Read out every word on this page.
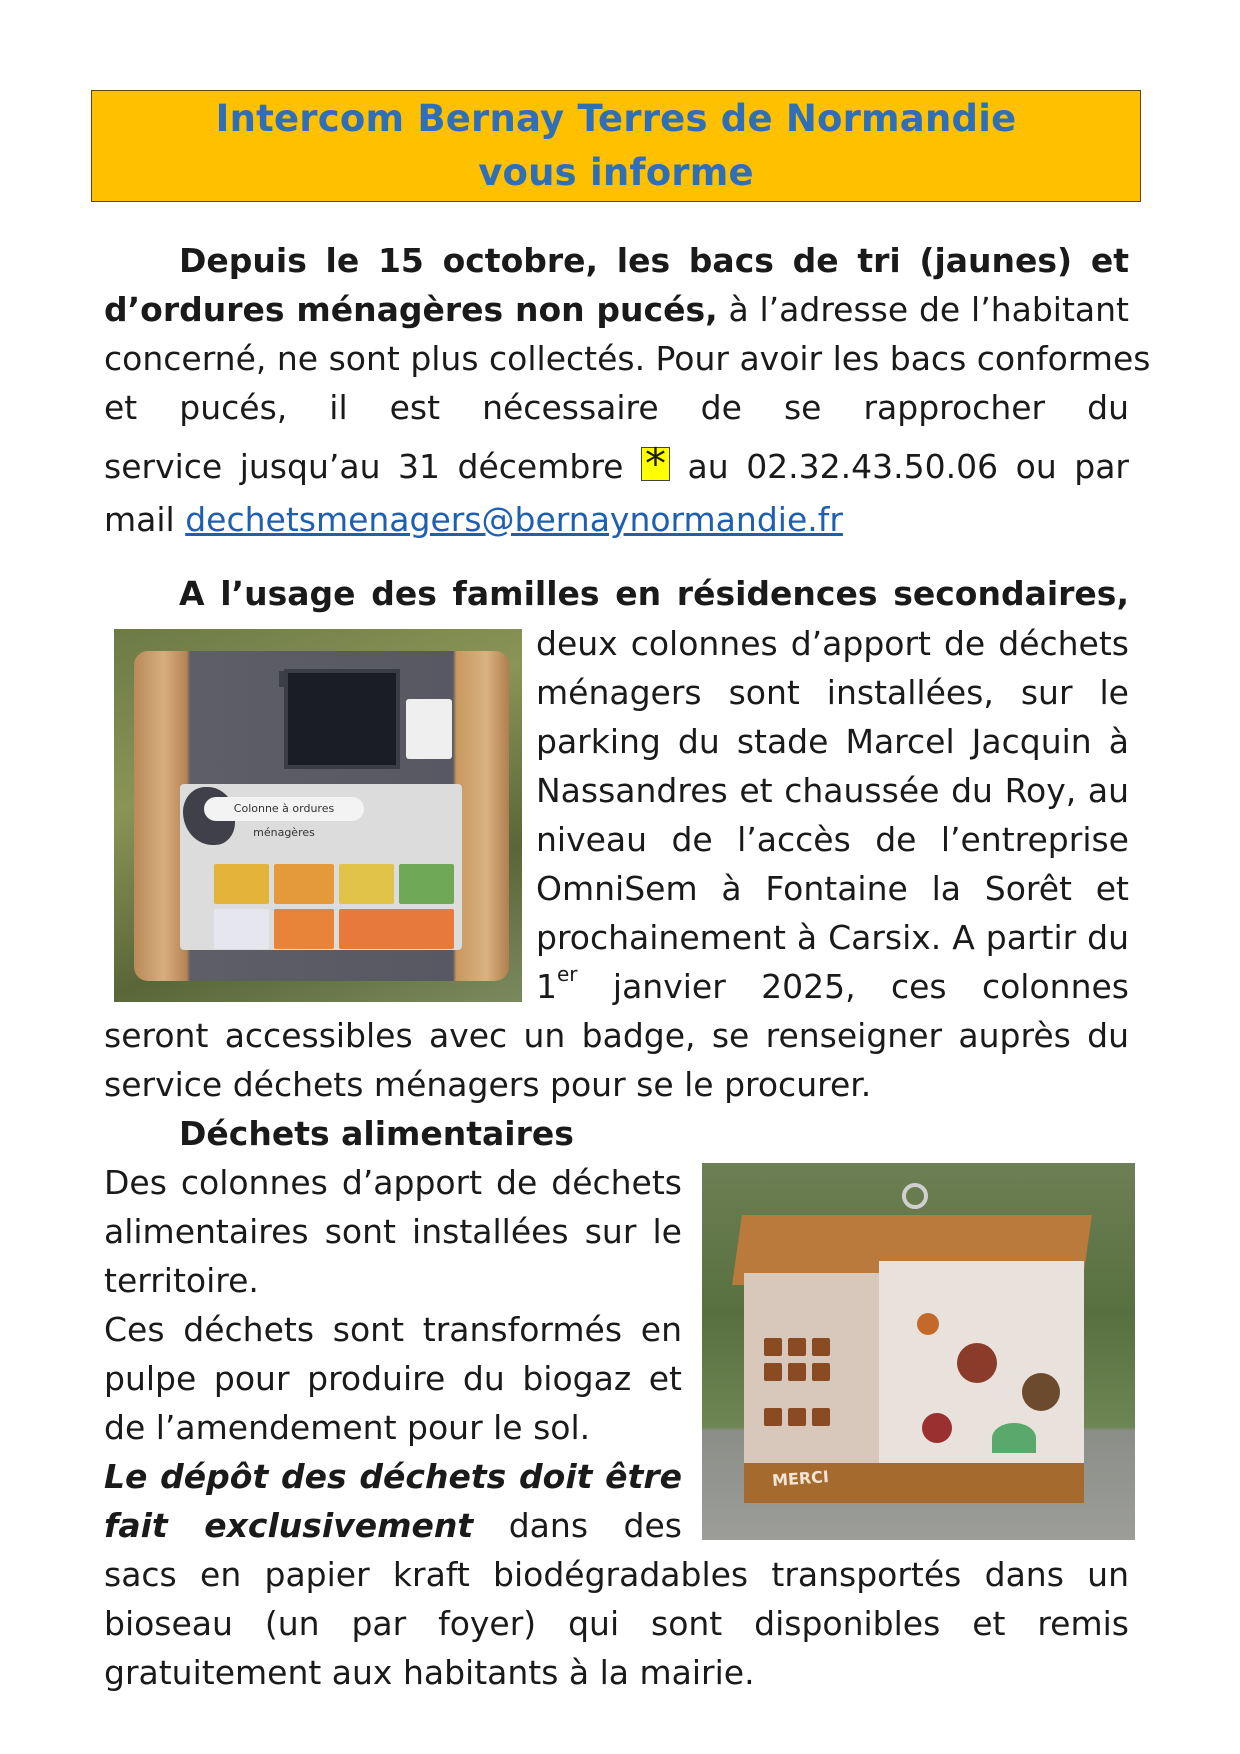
Intercom Bernay Terres de Normandie
vous informe
Depuis le 15 octobre, les bacs de tri (jaunes) et
d’ordures ménagères non pucés, à l’adresse de l’habitant
concerné, ne sont plus collectés. Pour avoir les bacs conformes
et pucés, il est nécessaire de se rapprocher du
service jusqu’au 31 décembre * au 02.32.43.50.06 ou par
mail dechetsmenagers@bernaynormandie.fr
A l’usage des familles en résidences secondaires,
Colonne à ordures ménagères
deux colonnes d’apport de déchets
ménagers sont installées, sur le
parking du stade Marcel Jacquin à
Nassandres et chaussée du Roy, au
niveau de l’accès de l’entreprise
OmniSem à Fontaine la Sorêt et
prochainement à Carsix. A partir du
1er janvier 2025, ces colonnes
seront accessibles avec un badge, se renseigner auprès du
service déchets ménagers pour se le procurer.
Déchets alimentaires
MERCI
Des colonnes d’apport de déchets
alimentaires sont installées sur le
territoire.
Ces déchets sont transformés en
pulpe pour produire du biogaz et
de l’amendement pour le sol.
Le dépôt des déchets doit être
fait exclusivement dans des
sacs en papier kraft biodégradables transportés dans un
bioseau (un par foyer) qui sont disponibles et remis
gratuitement aux habitants à la mairie.
